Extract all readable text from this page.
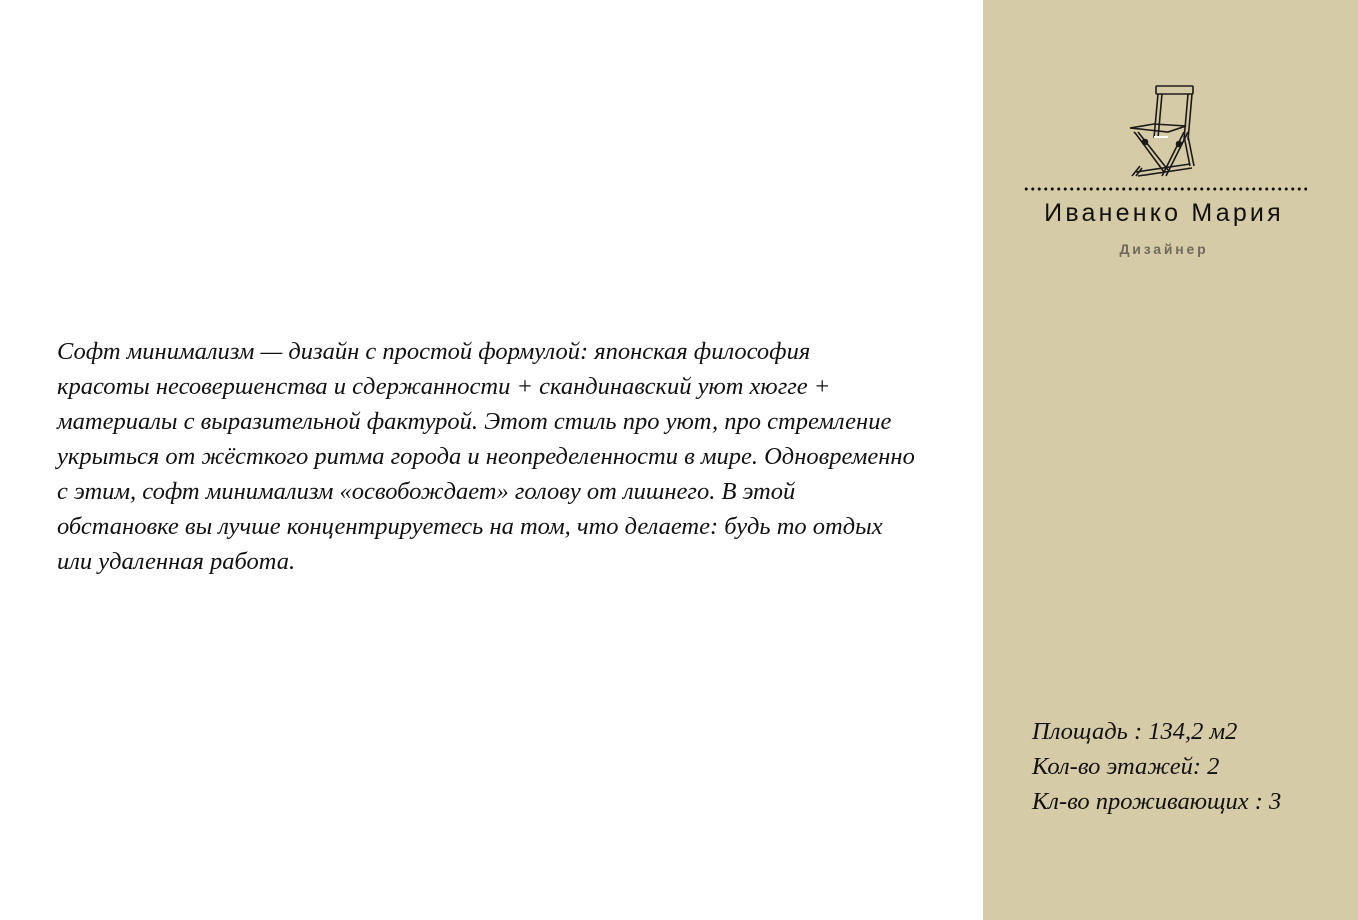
Софт минимализм — дизайн с простой формулой: японская философия
красоты несовершенства и сдержанности + скандинавский уют хюгге +
материалы с выразительной фактурой. Этот стиль про уют, про стремление
укрыться от жёсткого ритма города и неопределенности в мире. Одновременно
с этим, софт минимализм «освобождает» голову от лишнего. В этой
обстановке вы лучше концентрируетесь на том, что делаете: будь то отдых
или удаленная работа.
Иваненко Мария
Дизайнер
Площадь : 134,2 м2
Кол-во этажей: 2
Кл-во проживающих : 3
